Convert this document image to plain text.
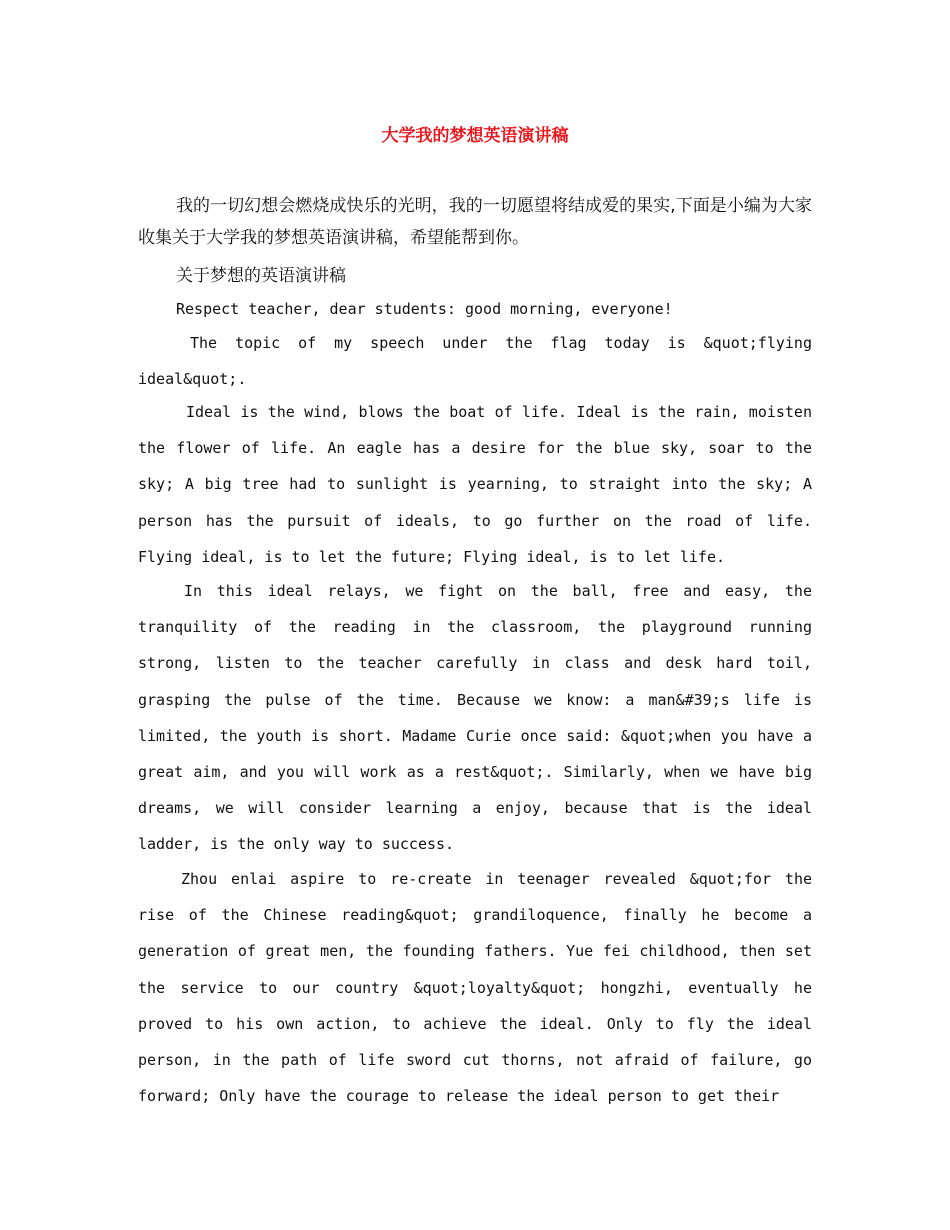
大学我的梦想英语演讲稿

我的一切幻想会燃烧成快乐的光明，我的一切愿望将结成爱的果实,下面是小编为大家收集关于大学我的梦想英语演讲稿，希望能帮到你。

关于梦想的英语演讲稿

Respect teacher, dear students: good morning, everyone!

The topic of my speech under the flag today is &quot;flying ideal&quot;.

Ideal is the wind, blows the boat of life. Ideal is the rain, moisten the flower of life. An eagle has a desire for the blue sky, soar to the sky; A big tree had to sunlight is yearning, to straight into the sky; A person has the pursuit of ideals, to go further on the road of life. Flying ideal, is to let the future; Flying ideal, is to let life.

In this ideal relays, we fight on the ball, free and easy, the tranquility of the reading in the classroom, the playground running strong, listen to the teacher carefully in class and desk hard toil, grasping the pulse of the time. Because we know: a man&#39;s life is limited, the youth is short. Madame Curie once said: &quot;when you have a great aim, and you will work as a rest&quot;. Similarly, when we have big dreams, we will consider learning a enjoy, because that is the ideal ladder, is the only way to success.

Zhou enlai aspire to re-create in teenager revealed &quot;for the rise of the Chinese reading&quot; grandiloquence, finally he become a generation of great men, the founding fathers. Yue fei childhood, then set the service to our country &quot;loyalty&quot; hongzhi, eventually he proved to his own action, to achieve the ideal. Only to fly the ideal person, in the path of life sword cut thorns, not afraid of failure, go forward; Only have the courage to release the ideal person to get their
